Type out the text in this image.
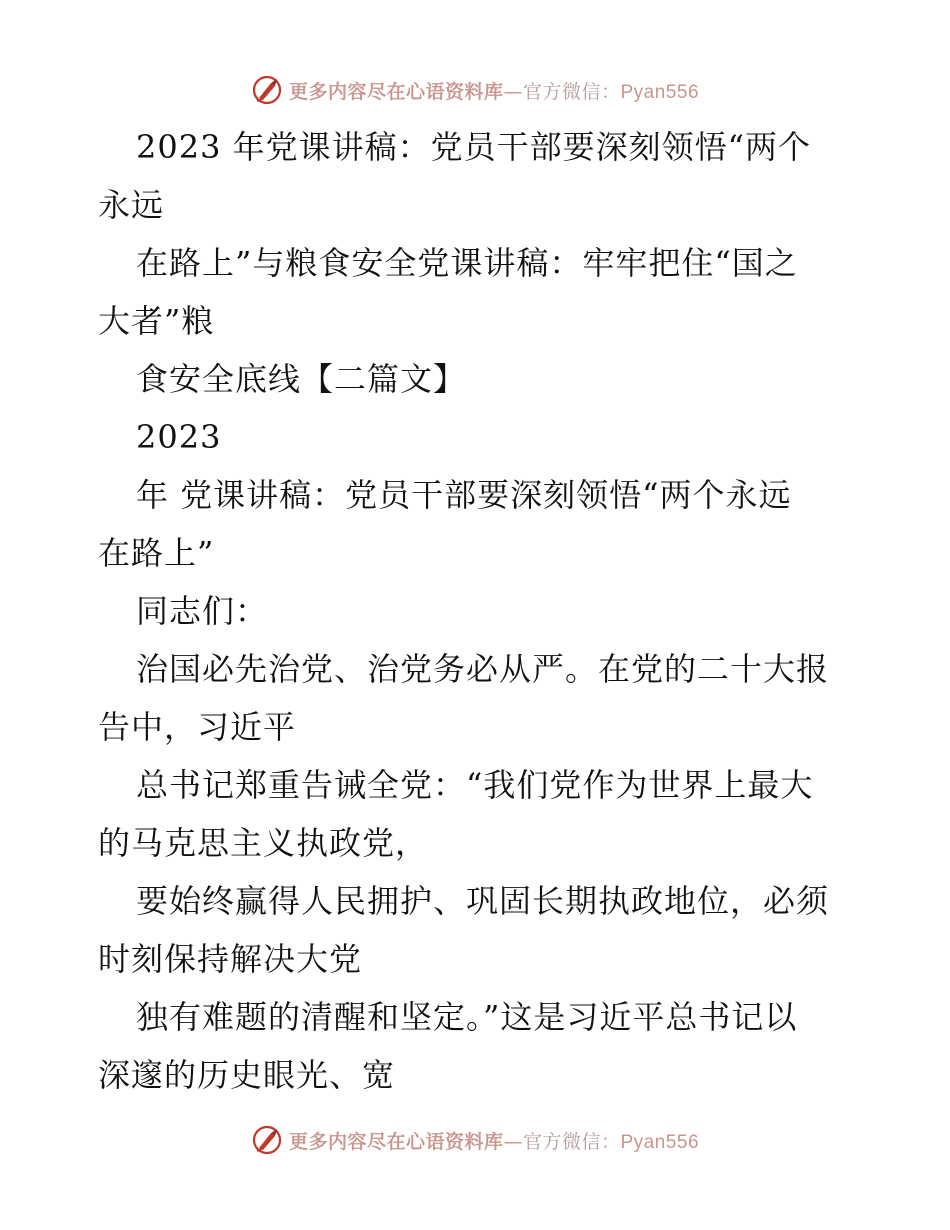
更多内容尽在心语资料库—官方微信：Pyan556
2023 年党课讲稿：党员干部要深刻领悟“两个
永远
在路上”与粮食安全党课讲稿：牢牢把住“国之
大者”粮
食安全底线【二篇文】
2023
年 党课讲稿：党员干部要深刻领悟“两个永远
在路上”
同志们：
治国必先治党、治党务必从严。在党的二十大报
告中，习近平
总书记郑重告诫全党：“我们党作为世界上最大
的马克思主义执政党，
要始终赢得人民拥护、巩固长期执政地位，必须
时刻保持解决大党
独有难题的清醒和坚定。”这是习近平总书记以
深邃的历史眼光、宽
更多内容尽在心语资料库—官方微信：Pyan556
